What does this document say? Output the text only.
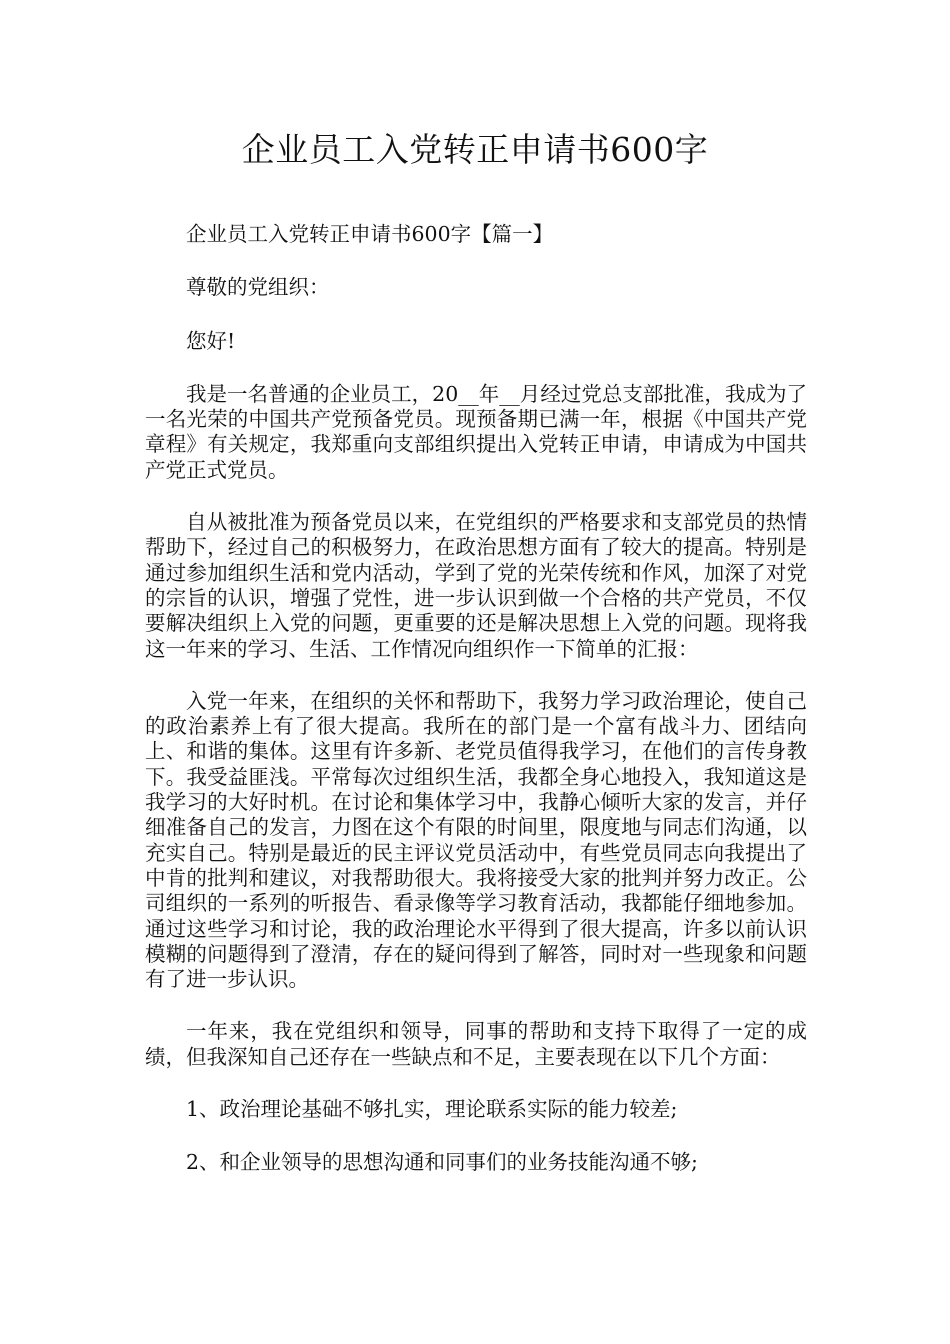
企业员工入党转正申请书600字

企业员工入党转正申请书600字【篇一】

尊敬的党组织：

您好!

我是一名普通的企业员工，20__年__月经过党总支部批准，我成为了一名光荣的中国共产党预备党员。现预备期已满一年，根据《中国共产党章程》有关规定，我郑重向支部组织提出入党转正申请，申请成为中国共产党正式党员。

自从被批准为预备党员以来，在党组织的严格要求和支部党员的热情帮助下，经过自己的积极努力，在政治思想方面有了较大的提高。特别是通过参加组织生活和党内活动，学到了党的光荣传统和作风，加深了对党的宗旨的认识，增强了党性，进一步认识到做一个合格的共产党员，不仅要解决组织上入党的问题，更重要的还是解决思想上入党的问题。现将我这一年来的学习、生活、工作情况向组织作一下简单的汇报：

入党一年来，在组织的关怀和帮助下，我努力学习政治理论，使自己的政治素养上有了很大提高。我所在的部门是一个富有战斗力、团结向上、和谐的集体。这里有许多新、老党员值得我学习，在他们的言传身教下。我受益匪浅。平常每次过组织生活，我都全身心地投入，我知道这是我学习的大好时机。在讨论和集体学习中，我静心倾听大家的发言，并仔细准备自己的发言，力图在这个有限的时间里，限度地与同志们沟通，以充实自己。特别是最近的民主评议党员活动中，有些党员同志向我提出了中肯的批判和建议，对我帮助很大。我将接受大家的批判并努力改正。公司组织的一系列的听报告、看录像等学习教育活动，我都能仔细地参加。通过这些学习和讨论，我的政治理论水平得到了很大提高，许多以前认识模糊的问题得到了澄清，存在的疑问得到了解答，同时对一些现象和问题有了进一步认识。

一年来，我在党组织和领导，同事的帮助和支持下取得了一定的成绩，但我深知自己还存在一些缺点和不足，主要表现在以下几个方面：

1、政治理论基础不够扎实，理论联系实际的能力较差;

2、和企业领导的思想沟通和同事们的业务技能沟通不够;
